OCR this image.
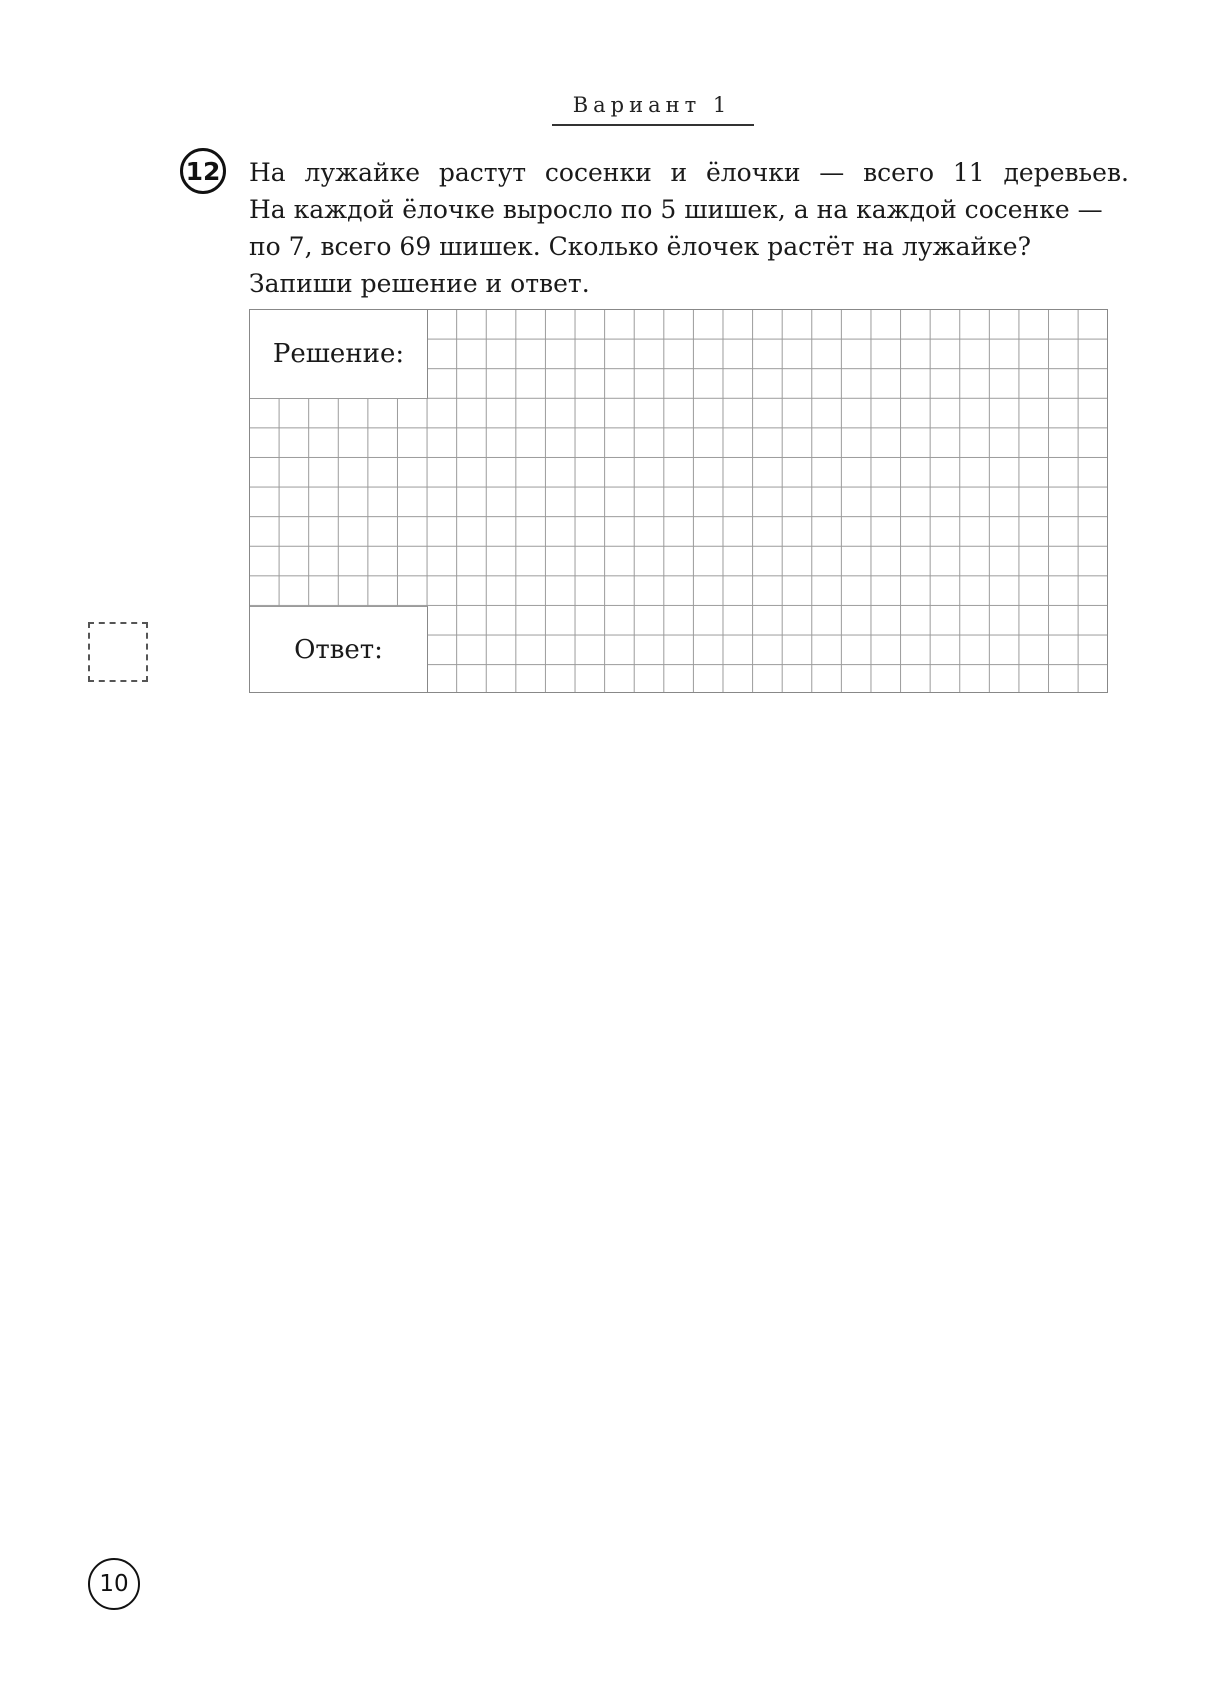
Вариант 1
12 На лужайке растут сосенки и ёлочки — всего 11 деревьев.
На каждой ёлочке выросло по 5 шишек, а на каждой сосенке —
по 7, всего 69 шишек. Сколько ёлочек растёт на лужайке?
Запиши решение и ответ.
Решение:
Ответ:
10
